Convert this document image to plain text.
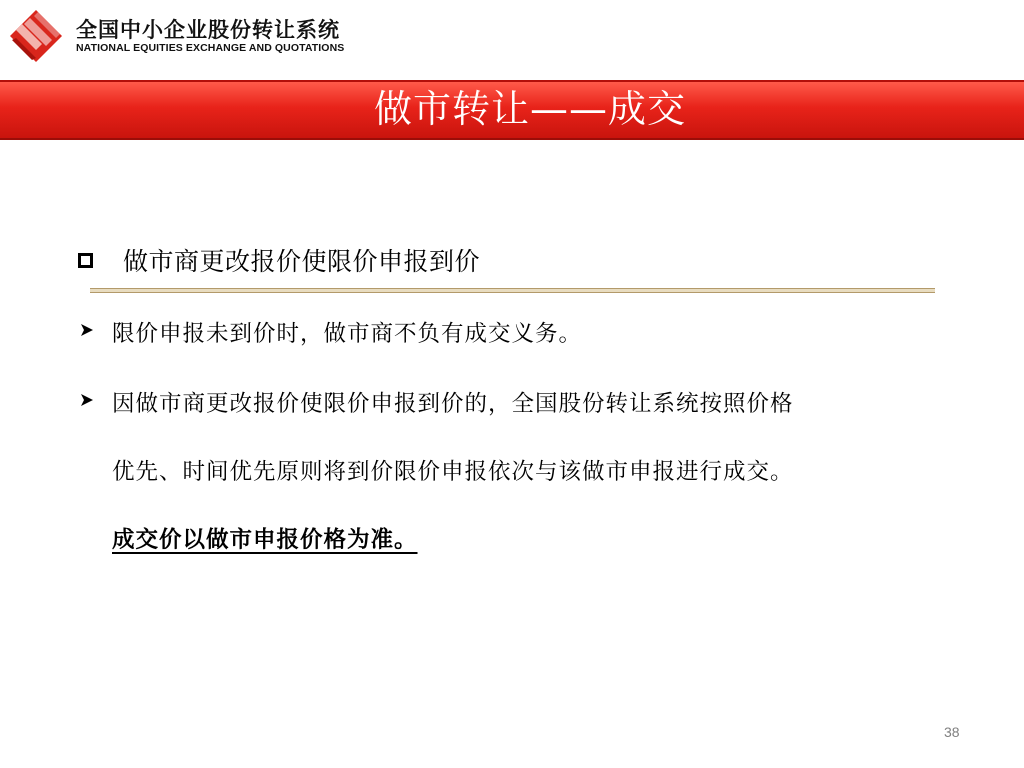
全国中小企业股份转让系统
NATIONAL EQUITIES EXCHANGE AND QUOTATIONS
做市转让——成交
做市商更改报价使限价申报到价
限价申报未到价时，做市商不负有成交义务。
因做市商更改报价使限价申报到价的，全国股份转让系统按照价格
优先、时间优先原则将到价限价申报依次与该做市申报进行成交。
成交价以做市申报价格为准。
38
